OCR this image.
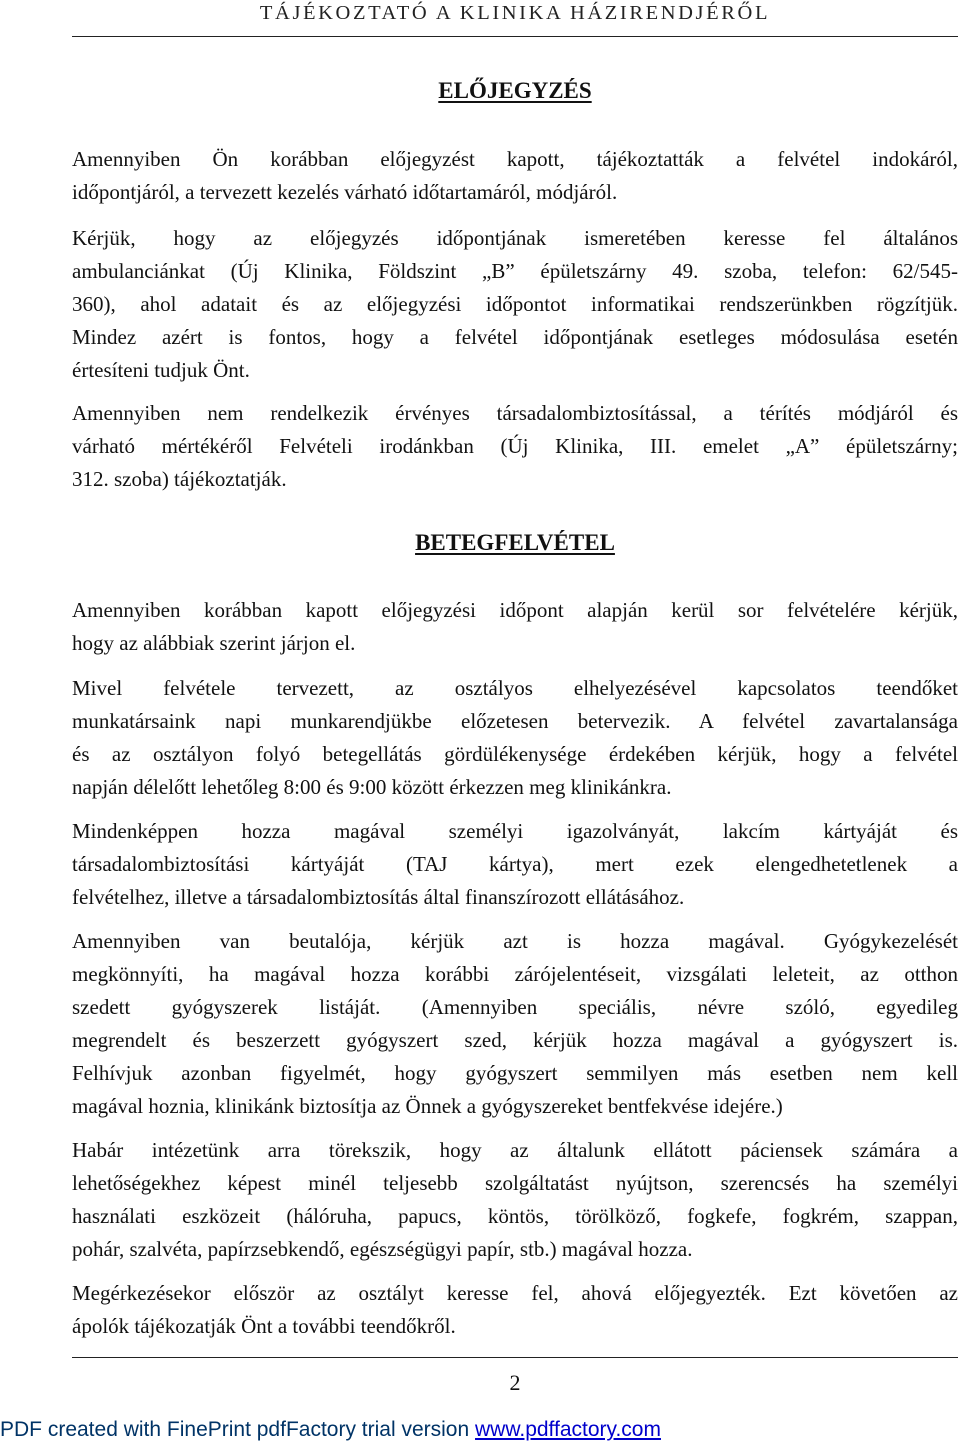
TÁJÉKOZTATÓ A KLINIKA HÁZIRENDJÉRŐL
ELŐJEGYZÉS
Amennyiben Ön korábban előjegyzést kapott, tájékoztatták a felvétel indokáról,
időpontjáról, a tervezett kezelés várható időtartamáról, módjáról.
Kérjük, hogy az előjegyzés időpontjának ismeretében keresse fel általános
ambulanciánkat (Új Klinika, Földszint „B” épületszárny 49. szoba, telefon: 62/545-
360), ahol adatait és az előjegyzési időpontot informatikai rendszerünkben rögzítjük.
Mindez azért is fontos, hogy a felvétel időpontjának esetleges módosulása esetén
értesíteni tudjuk Önt.
Amennyiben nem rendelkezik érvényes társadalombiztosítással, a térítés módjáról és
várható mértékéről Felvételi irodánkban (Új Klinika, III. emelet „A” épületszárny;
312. szoba) tájékoztatják.
BETEGFELVÉTEL
Amennyiben korábban kapott előjegyzési időpont alapján kerül sor felvételére kérjük,
hogy az alábbiak szerint járjon el.
Mivel felvétele tervezett, az osztályos elhelyezésével kapcsolatos teendőket
munkatársaink napi munkarendjükbe előzetesen betervezik. A felvétel zavartalansága
és az osztályon folyó betegellátás gördülékenysége érdekében kérjük, hogy a felvétel
napján délelőtt lehetőleg 8:00 és 9:00 között érkezzen meg klinikánkra.
Mindenképpen hozza magával személyi igazolványát, lakcím kártyáját és
társadalombiztosítási kártyáját (TAJ kártya), mert ezek elengedhetetlenek a
felvételhez, illetve a társadalombiztosítás által finanszírozott ellátásához.
Amennyiben van beutalója, kérjük azt is hozza magával. Gyógykezelését
megkönnyíti, ha magával hozza korábbi zárójelentéseit, vizsgálati leleteit, az otthon
szedett gyógyszerek listáját. (Amennyiben speciális, névre szóló, egyedileg
megrendelt és beszerzett gyógyszert szed, kérjük hozza magával a gyógyszert is.
Felhívjuk azonban figyelmét, hogy gyógyszert semmilyen más esetben nem kell
magával hoznia, klinikánk biztosítja az Önnek a gyógyszereket bentfekvése idejére.)
Habár intézetünk arra törekszik, hogy az általunk ellátott páciensek számára a
lehetőségekhez képest minél teljesebb szolgáltatást nyújtson, szerencsés ha személyi
használati eszközeit (hálóruha, papucs, köntös, törölköző, fogkefe, fogkrém, szappan,
pohár, szalvéta, papírzsebkendő, egészségügyi papír, stb.) magával hozza.
Megérkezésekor először az osztályt keresse fel, ahová előjegyezték. Ezt követően az
ápolók tájékozatják Önt a további teendőkről.
2
PDF created with FinePrint pdfFactory trial version www.pdffactory.com
